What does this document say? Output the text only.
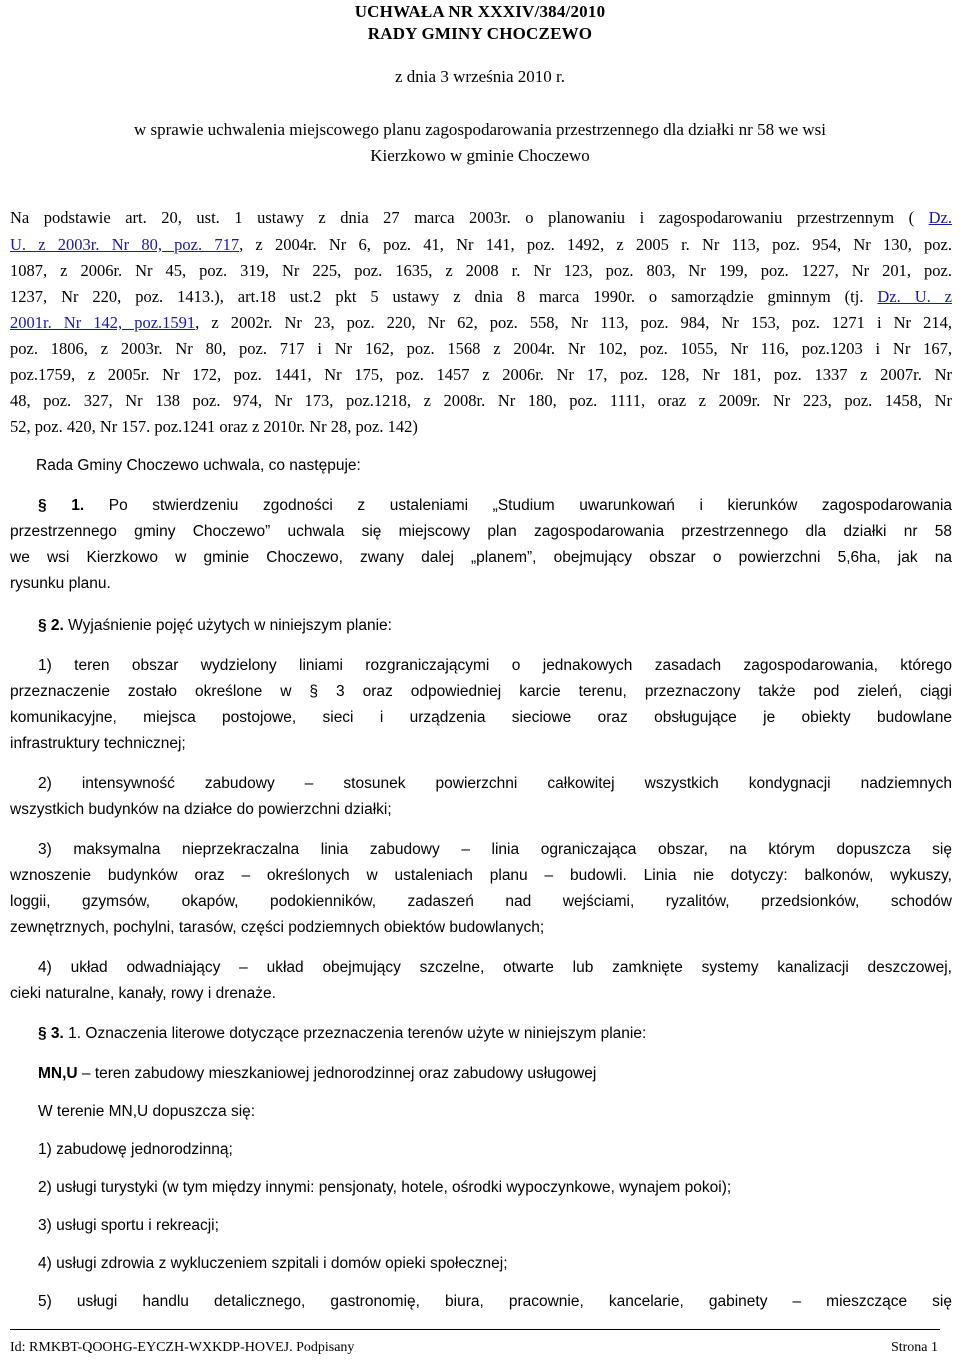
UCHWAŁA NR XXXIV/384/2010
RADY GMINY CHOCZEWO
z dnia 3 września 2010 r.
w sprawie uchwalenia miejscowego planu zagospodarowania przestrzennego dla działki nr 58 we wsi
Kierzkowo w gminie Choczewo
Na podstawie art. 20, ust. 1 ustawy z dnia 27 marca 2003r. o planowaniu i zagospodarowaniu przestrzennym ( Dz.
U. z 2003r. Nr 80, poz. 717, z 2004r. Nr 6, poz. 41, Nr 141, poz. 1492, z 2005 r. Nr 113, poz. 954, Nr 130, poz.
1087, z 2006r. Nr 45, poz. 319, Nr 225, poz. 1635, z 2008 r. Nr 123, poz. 803, Nr 199, poz. 1227, Nr 201, poz.
1237, Nr 220, poz. 1413.), art.18 ust.2 pkt 5 ustawy z dnia 8 marca 1990r. o samorządzie gminnym (tj. Dz. U. z
2001r. Nr 142, poz.1591, z 2002r. Nr 23, poz. 220, Nr 62, poz. 558, Nr 113, poz. 984, Nr 153, poz. 1271 i Nr 214,
poz. 1806, z 2003r. Nr 80, poz. 717 i Nr 162, poz. 1568 z 2004r. Nr 102, poz. 1055, Nr 116, poz.1203 i Nr 167,
poz.1759, z 2005r. Nr 172, poz. 1441, Nr 175, poz. 1457 z 2006r. Nr 17, poz. 128, Nr 181, poz. 1337 z 2007r. Nr
48, poz. 327, Nr 138 poz. 974, Nr 173, poz.1218, z 2008r. Nr 180, poz. 1111, oraz z 2009r. Nr 223, poz. 1458, Nr
52, poz. 420, Nr 157. poz.1241 oraz z 2010r. Nr 28, poz. 142)
Rada Gminy Choczewo uchwala, co następuje:
§ 1. Po stwierdzeniu zgodności z ustaleniami „Studium uwarunkowań i kierunków zagospodarowania
przestrzennego gminy Choczewo” uchwala się miejscowy plan zagospodarowania przestrzennego dla działki nr 58
we wsi Kierzkowo w gminie Choczewo, zwany dalej „planem”, obejmujący obszar o powierzchni 5,6ha, jak na
rysunku planu.
§ 2. Wyjaśnienie pojęć użytych w niniejszym planie:
1) teren obszar wydzielony liniami rozgraniczającymi o jednakowych zasadach zagospodarowania, którego
przeznaczenie zostało określone w § 3 oraz odpowiedniej karcie terenu, przeznaczony także pod zieleń, ciągi
komunikacyjne, miejsca postojowe, sieci i urządzenia sieciowe oraz obsługujące je obiekty budowlane
infrastruktury technicznej;
2) intensywność zabudowy – stosunek powierzchni całkowitej wszystkich kondygnacji nadziemnych
wszystkich budynków na działce do powierzchni działki;
3) maksymalna nieprzekraczalna linia zabudowy – linia ograniczająca obszar, na którym dopuszcza się
wznoszenie budynków oraz – określonych w ustaleniach planu – budowli. Linia nie dotyczy: balkonów, wykuszy,
loggii, gzymsów, okapów, podokienników, zadaszeń nad wejściami, ryzalitów, przedsionków, schodów
zewnętrznych, pochylni, tarasów, części podziemnych obiektów budowlanych;
4) układ odwadniający – układ obejmujący szczelne, otwarte lub zamknięte systemy kanalizacji deszczowej,
cieki naturalne, kanały, rowy i drenaże.
§ 3. 1. Oznaczenia literowe dotyczące przeznaczenia terenów użyte w niniejszym planie:
MN,U – teren zabudowy mieszkaniowej jednorodzinnej oraz zabudowy usługowej
W terenie MN,U dopuszcza się:
1) zabudowę jednorodzinną;
2) usługi turystyki (w tym między innymi: pensjonaty, hotele, ośrodki wypoczynkowe, wynajem pokoi);
3) usługi sportu i rekreacji;
4) usługi zdrowia z wykluczeniem szpitali i domów opieki społecznej;
5) usługi handlu detalicznego, gastronomię, biura, pracownie, kancelarie, gabinety – mieszczące się
Id: RMKBT-QOOHG-EYCZH-WXKDP-HOVEJ. Podpisany	Strona 1
